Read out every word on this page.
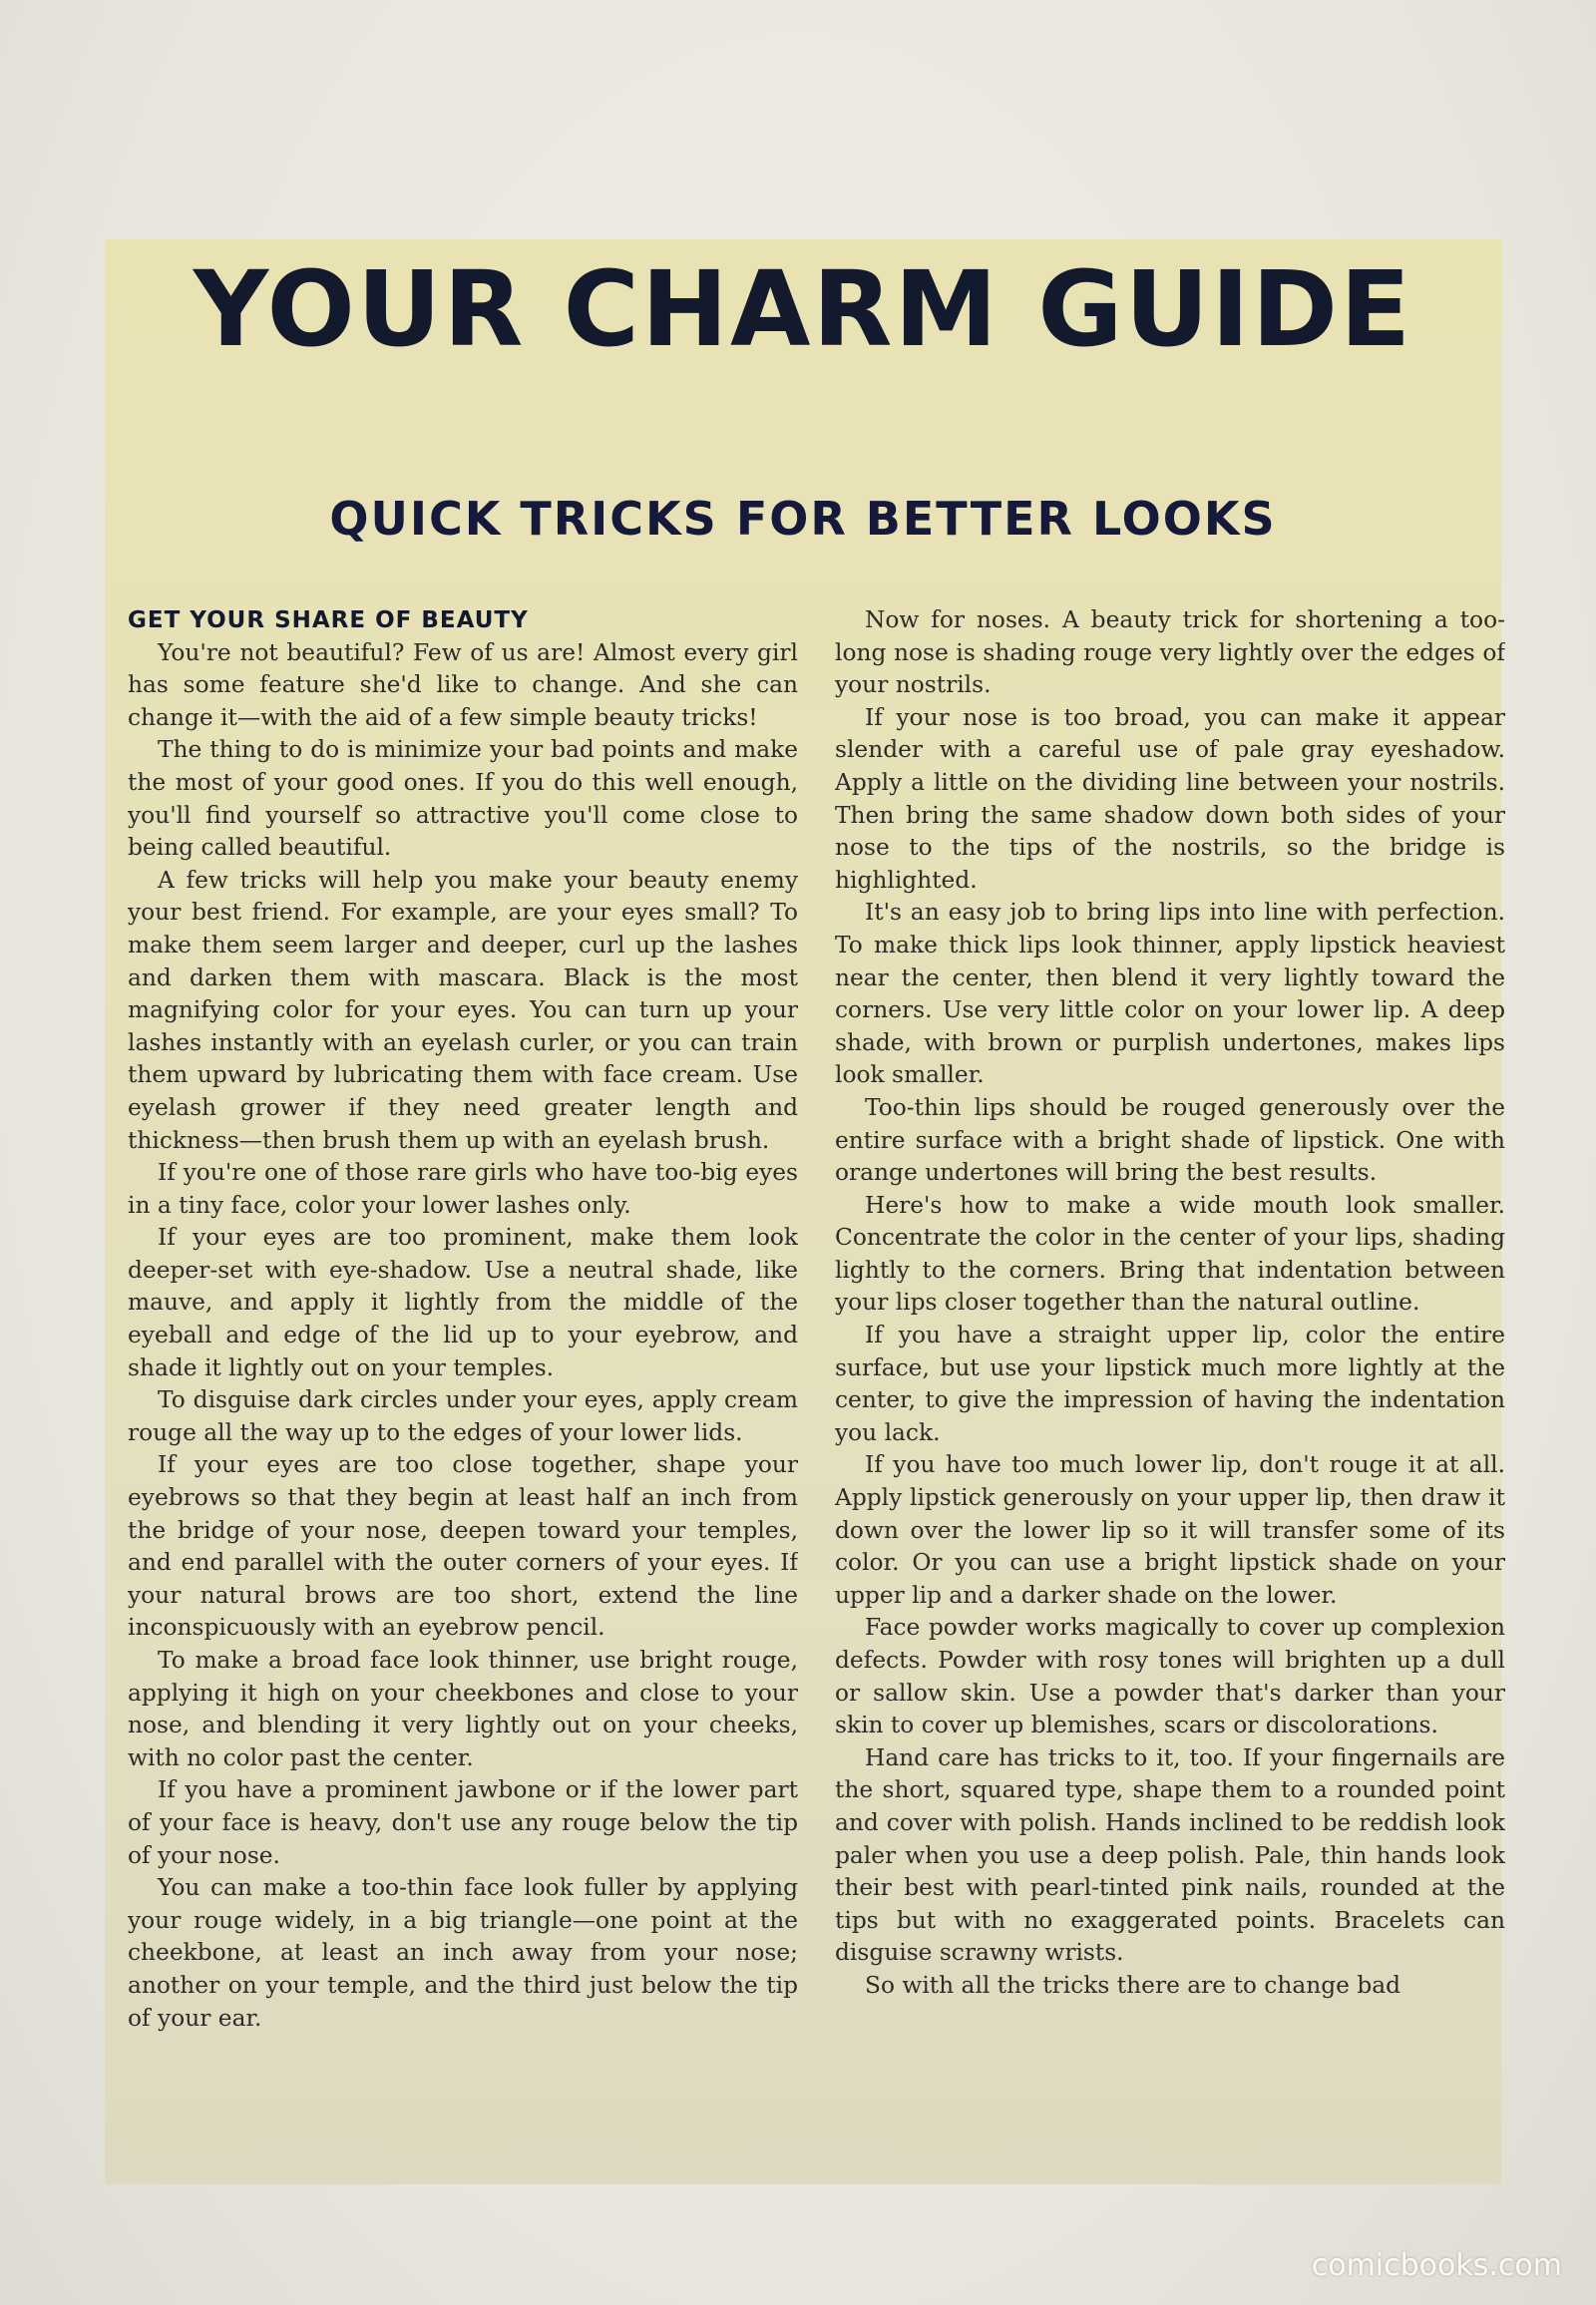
YOUR CHARM GUIDE
QUICK TRICKS FOR BETTER LOOKS
GET YOUR SHARE OF BEAUTY

You're not beautiful? Few of us are! Almost every girl has some feature she'd like to change. And she can change it—with the aid of a few simple beauty tricks!

The thing to do is minimize your bad points and make the most of your good ones. If you do this well enough, you'll find yourself so attractive you'll come close to being called beautiful.

A few tricks will help you make your beauty enemy your best friend. For example, are your eyes small? To make them seem larger and deeper, curl up the lashes and darken them with mascara. Black is the most magnifying color for your eyes. You can turn up your lashes instantly with an eyelash curler, or you can train them upward by lubricating them with face cream. Use eyelash grower if they need greater length and thickness—then brush them up with an eyelash brush.

If you're one of those rare girls who have too-big eyes in a tiny face, color your lower lashes only.

If your eyes are too prominent, make them look deeper-set with eye-shadow. Use a neutral shade, like mauve, and apply it lightly from the middle of the eyeball and edge of the lid up to your eyebrow, and shade it lightly out on your temples.

To disguise dark circles under your eyes, apply cream rouge all the way up to the edges of your lower lids.

If your eyes are too close together, shape your eyebrows so that they begin at least half an inch from the bridge of your nose, deepen toward your temples, and end parallel with the outer corners of your eyes. If your natural brows are too short, extend the line inconspicuously with an eyebrow pencil.

To make a broad face look thinner, use bright rouge, applying it high on your cheekbones and close to your nose, and blending it very lightly out on your cheeks, with no color past the center.

If you have a prominent jawbone or if the lower part of your face is heavy, don't use any rouge below the tip of your nose.

You can make a too-thin face look fuller by applying your rouge widely, in a big triangle—one point at the cheekbone, at least an inch away from your nose; another on your temple, and the third just below the tip of your ear.

Now for noses. A beauty trick for shortening a too-long nose is shading rouge very lightly over the edges of your nostrils.

If your nose is too broad, you can make it appear slender with a careful use of pale gray eyeshadow. Apply a little on the dividing line between your nostrils. Then bring the same shadow down both sides of your nose to the tips of the nostrils, so the bridge is highlighted.

It's an easy job to bring lips into line with perfection. To make thick lips look thinner, apply lipstick heaviest near the center, then blend it very lightly toward the corners. Use very little color on your lower lip. A deep shade, with brown or purplish undertones, makes lips look smaller.

Too-thin lips should be rouged generously over the entire surface with a bright shade of lipstick. One with orange undertones will bring the best results.

Here's how to make a wide mouth look smaller. Concentrate the color in the center of your lips, shading lightly to the corners. Bring that indentation between your lips closer together than the natural outline.

If you have a straight upper lip, color the entire surface, but use your lipstick much more lightly at the center, to give the impression of having the indentation you lack.

If you have too much lower lip, don't rouge it at all. Apply lipstick generously on your upper lip, then draw it down over the lower lip so it will transfer some of its color. Or you can use a bright lipstick shade on your upper lip and a darker shade on the lower.

Face powder works magically to cover up complexion defects. Powder with rosy tones will brighten up a dull or sallow skin. Use a powder that's darker than your skin to cover up blemishes, scars or discolorations.

Hand care has tricks to it, too. If your fingernails are the short, squared type, shape them to a rounded point and cover with polish. Hands inclined to be reddish look paler when you use a deep polish. Pale, thin hands look their best with pearl-tinted pink nails, rounded at the tips but with no exaggerated points. Bracelets can disguise scrawny wrists.

So with all the tricks there are to change bad

comicbooks.com
